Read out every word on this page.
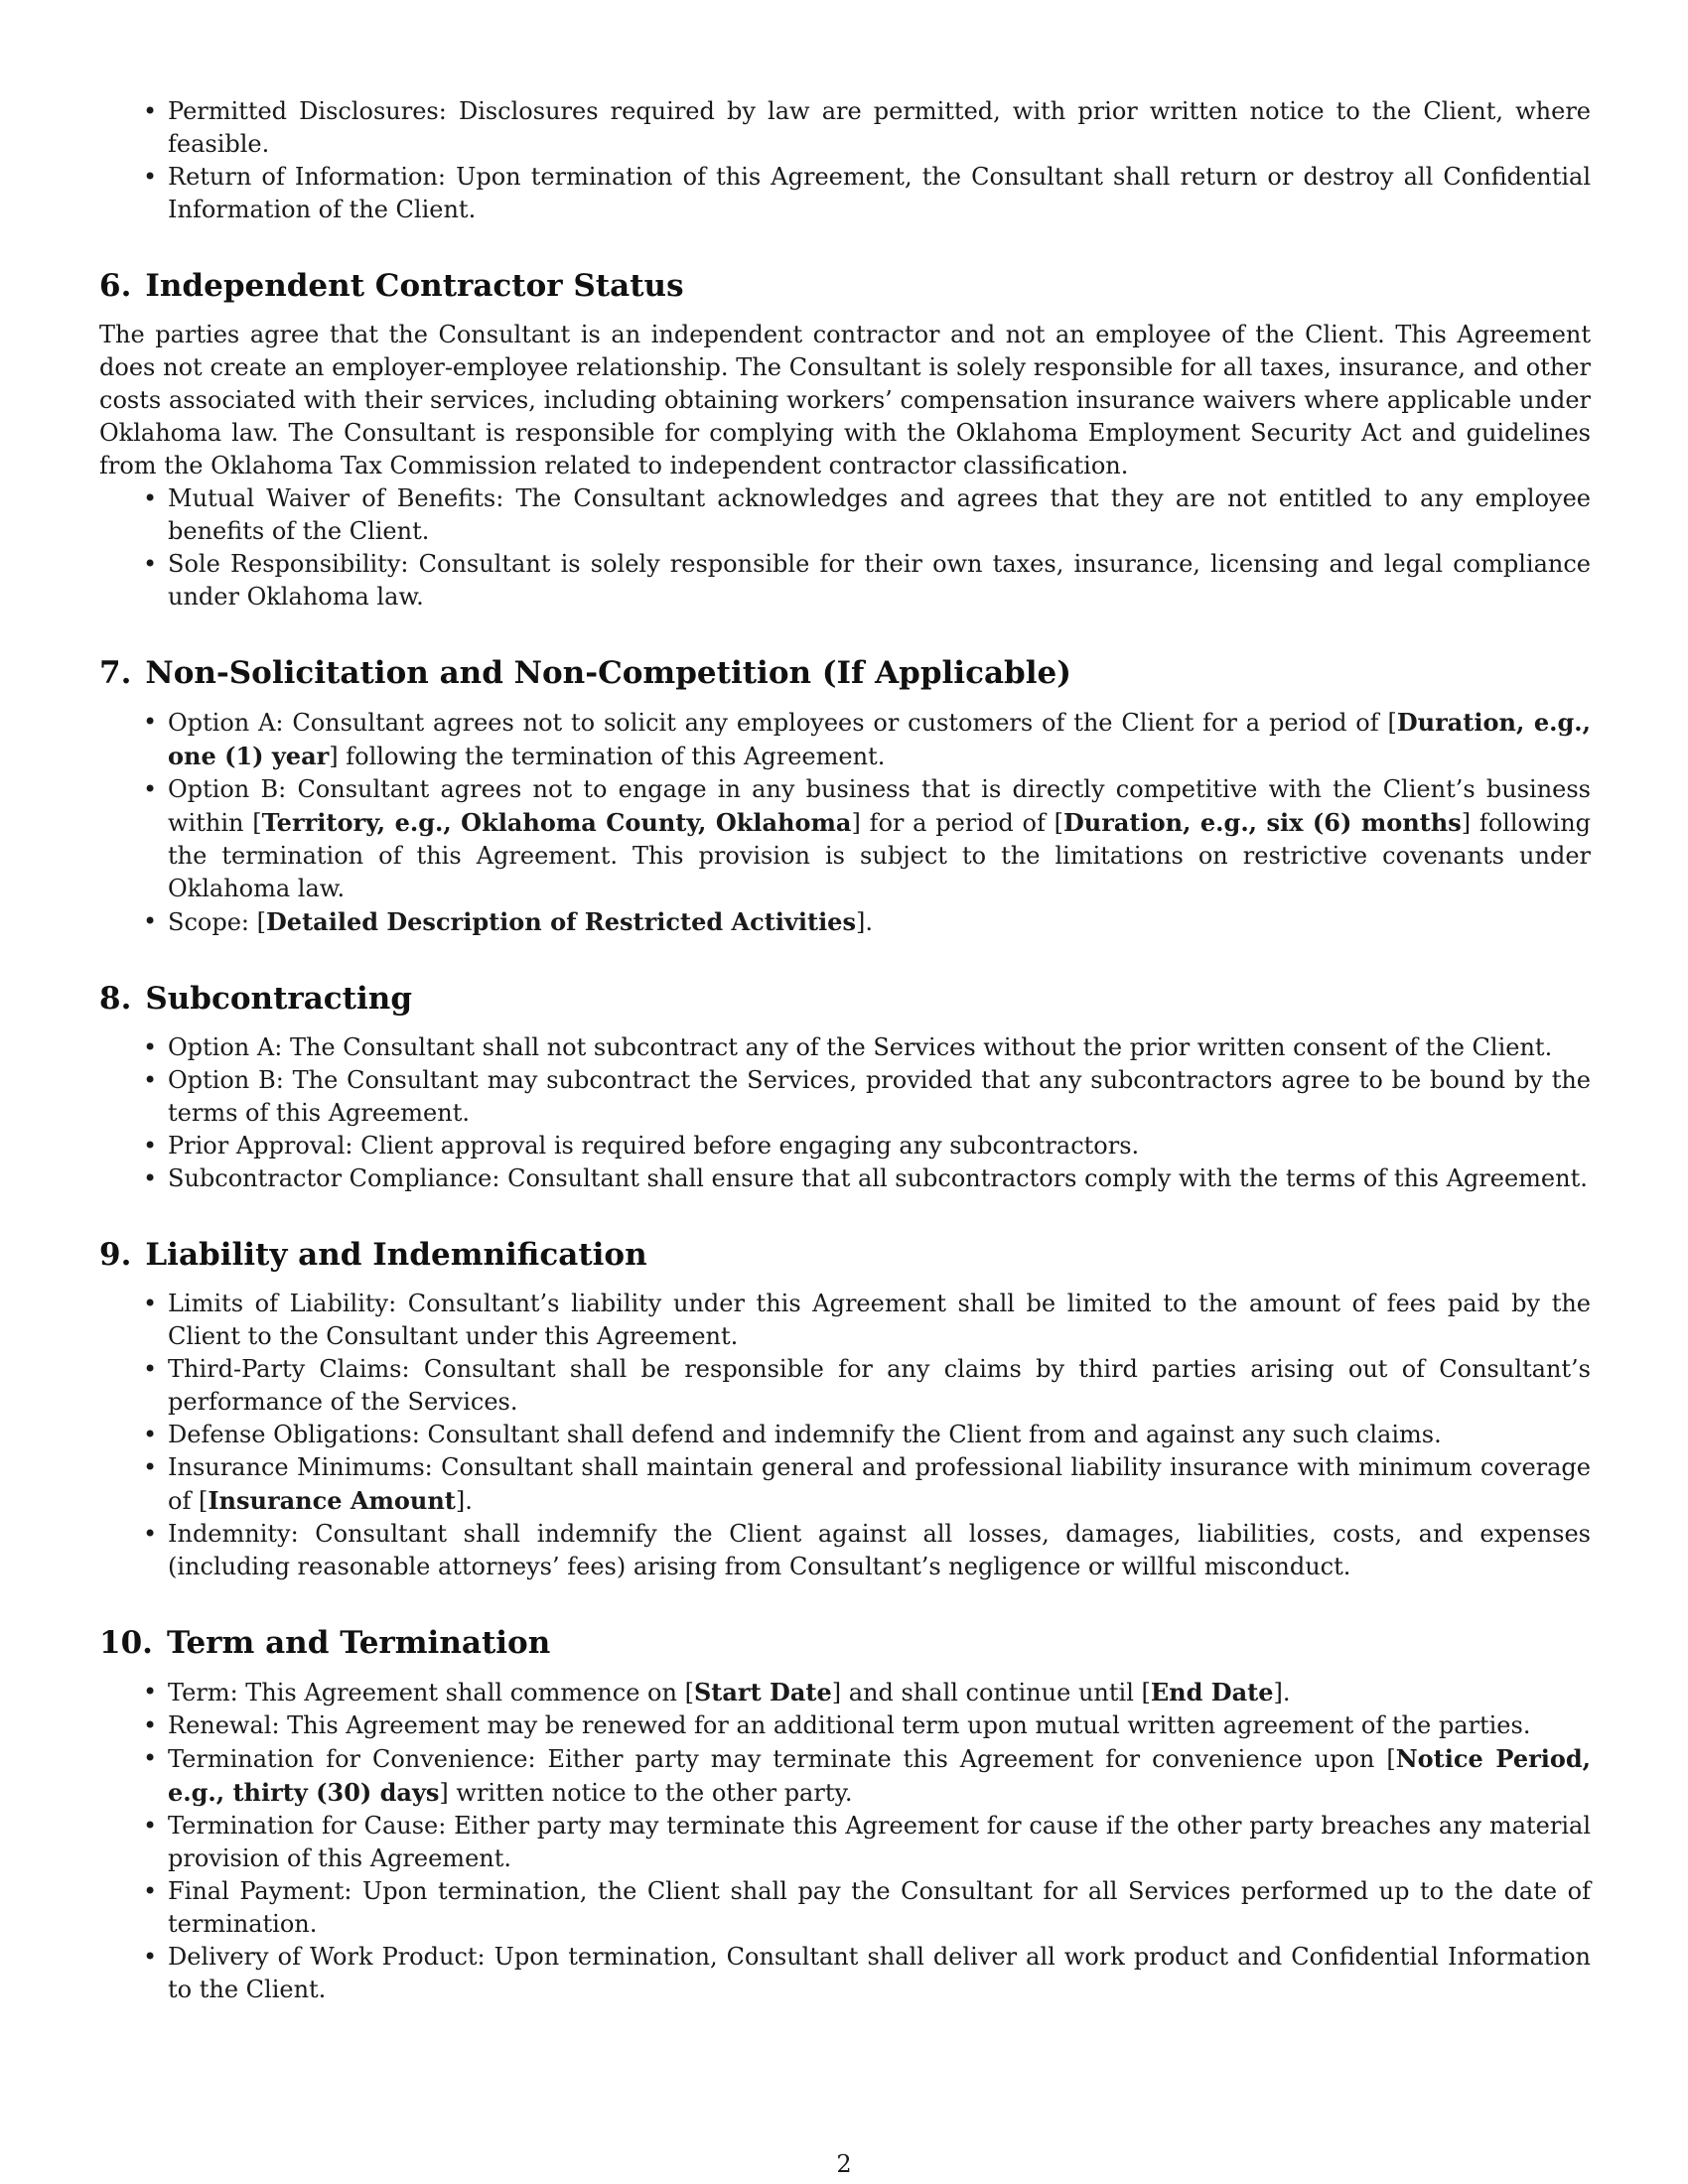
• Permitted Disclosures: Disclosures required by law are permitted, with prior written notice to the Client, where feasible.
• Return of Information: Upon termination of this Agreement, the Consultant shall return or destroy all Confidential Information of the Client.
6. Independent Contractor Status

The parties agree that the Consultant is an independent contractor and not an employee of the Client. This Agreement does not create an employer-employee relationship. The Consultant is solely responsible for all taxes, insurance, and other costs associated with their services, including obtaining workers’ compensation insurance waivers where applicable under Oklahoma law. The Consultant is responsible for complying with the Oklahoma Employment Security Act and guidelines from the Oklahoma Tax Commission related to independent contractor classification.

• Mutual Waiver of Benefits: The Consultant acknowledges and agrees that they are not entitled to any employee benefits of the Client.
• Sole Responsibility: Consultant is solely responsible for their own taxes, insurance, licensing and legal compliance under Oklahoma law.
7. Non-Solicitation and Non-Competition (If Applicable)
• Option A: Consultant agrees not to solicit any employees or customers of the Client for a period of [Duration, e.g., one (1) year] following the termination of this Agreement.
• Option B: Consultant agrees not to engage in any business that is directly competitive with the Client’s business within [Territory, e.g., Oklahoma County, Oklahoma] for a period of [Duration, e.g., six (6) months] following the termination of this Agreement. This provision is subject to the limitations on restrictive covenants under Oklahoma law.
• Scope: [Detailed Description of Restricted Activities].
8. Subcontracting
• Option A: The Consultant shall not subcontract any of the Services without the prior written consent of the Client.
• Option B: The Consultant may subcontract the Services, provided that any subcontractors agree to be bound by the terms of this Agreement.
• Prior Approval: Client approval is required before engaging any subcontractors.
• Subcontractor Compliance: Consultant shall ensure that all subcontractors comply with the terms of this Agreement.
9. Liability and Indemnification
• Limits of Liability: Consultant’s liability under this Agreement shall be limited to the amount of fees paid by the Client to the Consultant under this Agreement.
• Third-Party Claims: Consultant shall be responsible for any claims by third parties arising out of Consultant’s performance of the Services.
• Defense Obligations: Consultant shall defend and indemnify the Client from and against any such claims.
• Insurance Minimums: Consultant shall maintain general and professional liability insurance with minimum coverage of [Insurance Amount].
• Indemnity: Consultant shall indemnify the Client against all losses, damages, liabilities, costs, and expenses (including reasonable attorneys’ fees) arising from Consultant’s negligence or willful misconduct.
10. Term and Termination
• Term: This Agreement shall commence on [Start Date] and shall continue until [End Date].
• Renewal: This Agreement may be renewed for an additional term upon mutual written agreement of the parties.
• Termination for Convenience: Either party may terminate this Agreement for convenience upon [Notice Period, e.g., thirty (30) days] written notice to the other party.
• Termination for Cause: Either party may terminate this Agreement for cause if the other party breaches any material provision of this Agreement.
• Final Payment: Upon termination, the Client shall pay the Consultant for all Services performed up to the date of termination.
• Delivery of Work Product: Upon termination, Consultant shall deliver all work product and Confidential Information to the Client.
2
